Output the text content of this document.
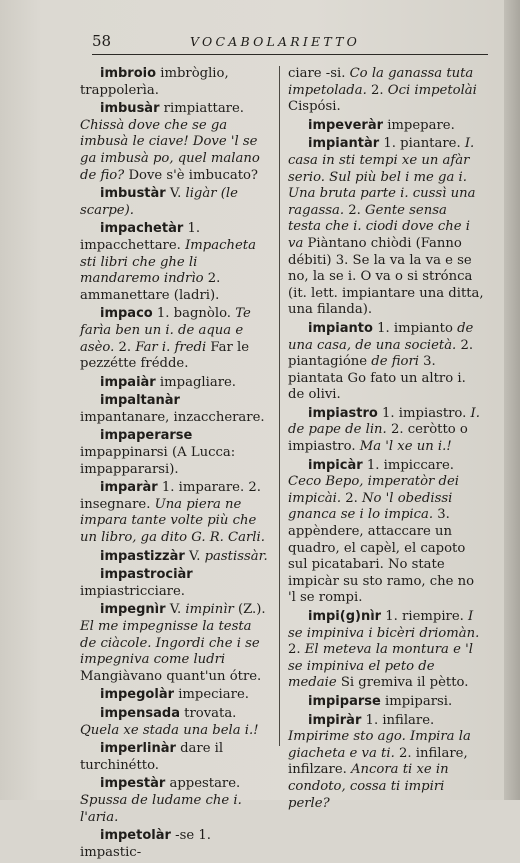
58	VOCABOLARIETTO

imbroio imbròglio, trappolerìa.

imbusàr rimpiattare. Chissà dove che se ga imbusà le ciave! Dove 'l se ga imbusà po, quel malano de fio? Dove s'è imbucato?

imbustàr V. ligàr (le scarpe).

impachetàr 1. impacchettare. Impacheta sti libri che ghe li mandaremo indrìo 2. ammanettare (ladri).

impaco 1. bagnòlo. Te farìa ben un i. de aqua e asèo. 2. Far i. fredi Far le pezzétte frédde.

impaiàr impagliare.

impaltanàr impantanare, inzaccherare.

impaperarse impappinarsi (A Lucca: impappararsi).

imparàr 1. imparare. 2. insegnare. Una piera ne impara tante volte più che un libro, ga dito G. R. Carli.

impastizzàr V. pastissàr.

impastrociàr impiastricciare.

impegnìr V. impinìr (Z.). El me impegnisse la testa de ciàcole. Ingordi che i se impegniva come ludri Mangiàvano quant'un ótre.

impegolàr impeciare.

impensada trovata. Quela xe stada una bela i.!

imperlinàr dare il turchinétto.

impestàr appestare. Spussa de ludame che i. l'aria.

impetolàr -se 1. impastic-

ciare -si. Co la ganassa tuta impetolada. 2. Oci impetolài Cispósi.

impeveràr impepare.

impiantàr 1. piantare. I. casa in sti tempi xe un afàr serio. Sul più bel i me ga i. Una bruta parte i. cussì una ragassa. 2. Gente sensa testa che i. ciodi dove che i va Piàntano chiòdi (Fanno débiti) 3. Se la va la va e se no, la se i. O va o si strónca (it. lett. impiantare una ditta, una filanda).

impianto 1. impianto de una casa, de una società. 2. piantagióne de fiori 3. piantata Go fato un altro i. de olivi.

impiastro 1. impiastro. I. de pape de lin. 2. ceròtto o impiastro. Ma 'l xe un i.!

impicàr 1. impiccare. Ceco Bepo, imperatòr dei impicài. 2. No 'l obedissi gnanca se i lo impica. 3. appèndere, attaccare un quadro, el capèl, el capoto sul picatabari. No state impicàr su sto ramo, che no 'l se rompi.

impi(g)nìr 1. riempire. I se impiniva i bicèri driomàn. 2. El meteva la montura e 'l se impiniva el peto de medaie Si gremiva il pètto.

impiparse impiparsi.

impiràr 1. infilare. Impirime sto ago. Impira la giacheta e va ti. 2. infilare, infilzare. Ancora ti xe in condoto, cossa ti impiri perle?
